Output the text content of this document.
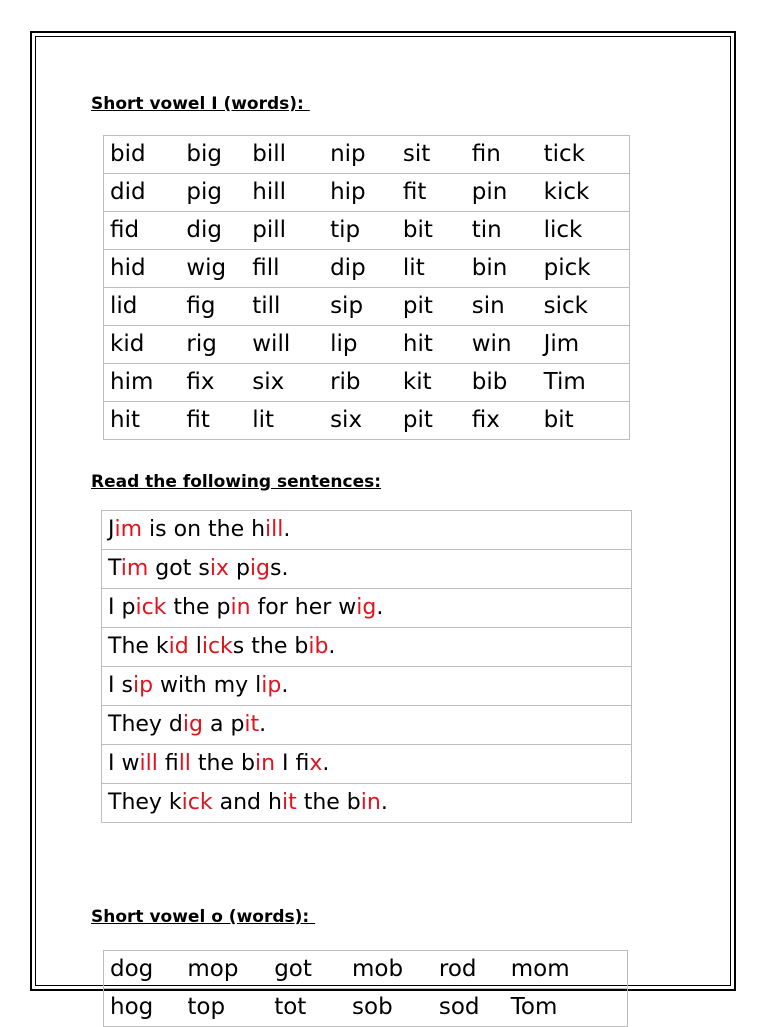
Short vowel I (words):

bid	big	bill	nip	sit	fin	tick
did	pig	hill	hip	fit	pin	kick
fid	dig	pill	tip	bit	tin	lick
hid	wig	fill	dip	lit	bin	pick
lid	fig	till	sip	pit	sin	sick
kid	rig	will	lip	hit	win	Jim
him	fix	six	rib	kit	bib	Tim
hit	fit	lit	six	pit	fix	bit

Read the following sentences:

Jim is on the hill.
Tim got six pigs.
I pick the pin for her wig.
The kid licks the bib.
I sip with my lip.
They dig a pit.
I will fill the bin I fix.
They kick and hit the bin.

Short vowel o (words):

dog	mop	got	mob	rod	mom
hog	top	tot	sob	sod	Tom
